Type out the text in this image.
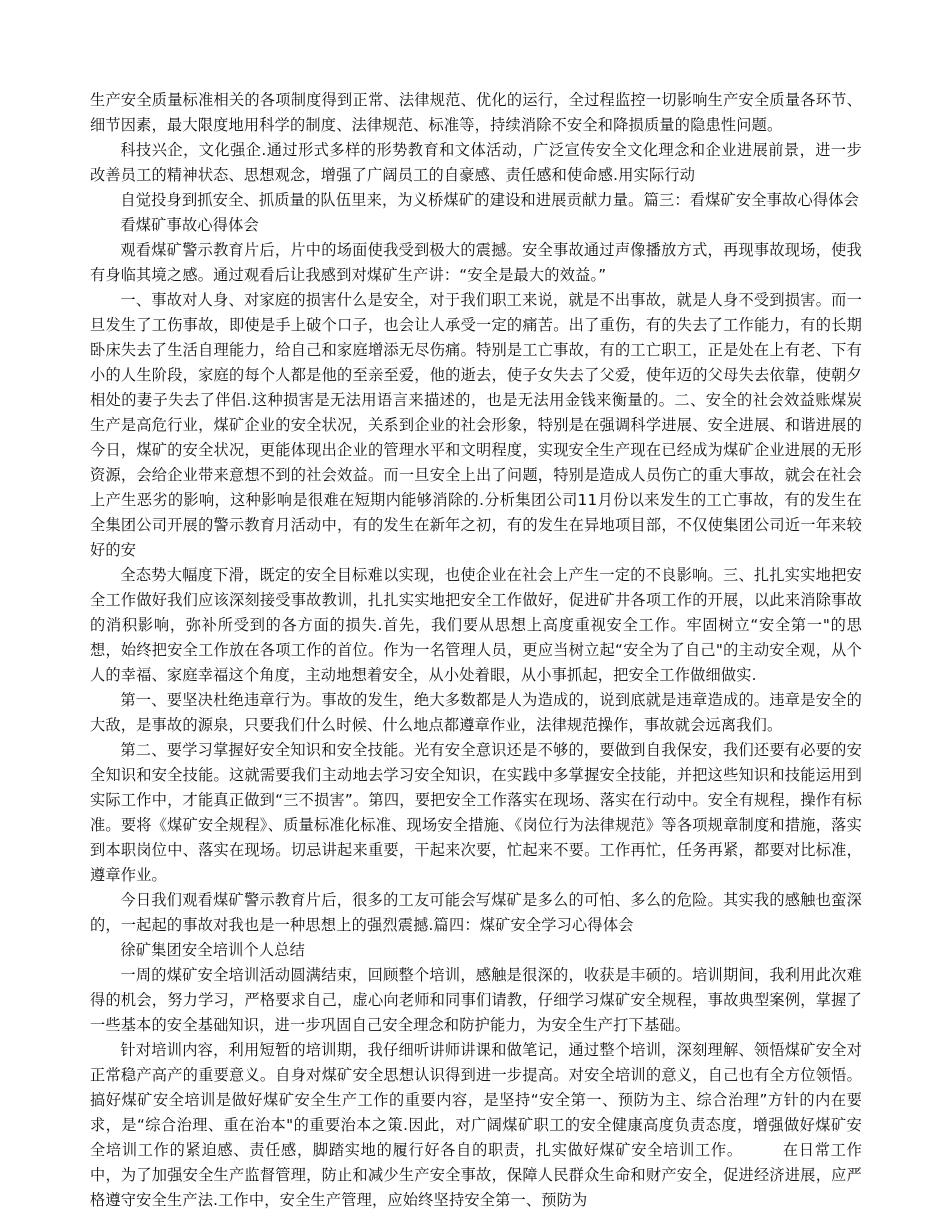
生产安全质量标准相关的各项制度得到正常、法律规范、优化的运行，全过程监控一切影响生产安全质量各环节、细节因素，最大限度地用科学的制度、法律规范、标准等，持续消除不安全和降损质量的隐患性问题。

科技兴企，文化强企.通过形式多样的形势教育和文体活动，广泛宣传安全文化理念和企业进展前景，进一步改善员工的精神状态、思想观念，增强了广阔员工的自豪感、责任感和使命感.用实际行动

自觉投身到抓安全、抓质量的队伍里来，为义桥煤矿的建设和进展贡献力量。篇三：看煤矿安全事故心得体会

看煤矿事故心得体会

观看煤矿警示教育片后，片中的场面使我受到极大的震撼。安全事故通过声像播放方式，再现事故现场，使我有身临其境之感。通过观看后让我感到对煤矿生产讲：“安全是最大的效益。”

一、事故对人身、对家庭的损害什么是安全，对于我们职工来说，就是不出事故，就是人身不受到损害。而一旦发生了工伤事故，即使是手上破个口子，也会让人承受一定的痛苦。出了重伤，有的失去了工作能力，有的长期卧床失去了生活自理能力，给自己和家庭增添无尽伤痛。特别是工亡事故，有的工亡职工，正是处在上有老、下有小的人生阶段，家庭的每个人都是他的至亲至爱，他的逝去，使子女失去了父爱，使年迈的父母失去依靠，使朝夕相处的妻子失去了伴侣.这种损害是无法用语言来描述的，也是无法用金钱来衡量的。二、安全的社会效益账煤炭生产是高危行业，煤矿企业的安全状况，关系到企业的社会形象，特别是在强调科学进展、安全进展、和谐进展的今日，煤矿的安全状况，更能体现出企业的管理水平和文明程度，实现安全生产现在已经成为煤矿企业进展的无形资源，会给企业带来意想不到的社会效益。而一旦安全上出了问题，特别是造成人员伤亡的重大事故，就会在社会上产生恶劣的影响，这种影响是很难在短期内能够消除的.分析集团公司11月份以来发生的工亡事故，有的发生在全集团公司开展的警示教育月活动中，有的发生在新年之初，有的发生在异地项目部，不仅使集团公司近一年来较好的安

全态势大幅度下滑，既定的安全目标难以实现，也使企业在社会上产生一定的不良影响。三、扎扎实实地把安全工作做好我们应该深刻接受事故教训，扎扎实实地把安全工作做好，促进矿井各项工作的开展，以此来消除事故的消积影响，弥补所受到的各方面的损失.首先，我们要从思想上高度重视安全工作。牢固树立“安全第一"的思想，始终把安全工作放在各项工作的首位。作为一名管理人员，更应当树立起“安全为了自己"的主动安全观，从个人的幸福、家庭幸福这个角度，主动地想着安全，从小处着眼，从小事抓起，把安全工作做细做实.

第一、要坚决杜绝违章行为。事故的发生，绝大多数都是人为造成的，说到底就是违章造成的。违章是安全的大敌，是事故的源泉，只要我们什么时候、什么地点都遵章作业，法律规范操作，事故就会远离我们。

第二、要学习掌握好安全知识和安全技能。光有安全意识还是不够的，要做到自我保安，我们还要有必要的安全知识和安全技能。这就需要我们主动地去学习安全知识，在实践中多掌握安全技能，并把这些知识和技能运用到实际工作中，才能真正做到“三不损害”。第四，要把安全工作落实在现场、落实在行动中。安全有规程，操作有标准。要将《煤矿安全规程》、质量标准化标准、现场安全措施、《岗位行为法律规范》等各项规章制度和措施，落实到本职岗位中、落实在现场。切忌讲起来重要，干起来次要，忙起来不要。工作再忙，任务再紧，都要对比标准，遵章作业。

今日我们观看煤矿警示教育片后，很多的工友可能会写煤矿是多么的可怕、多么的危险。其实我的感触也蛮深的，一起起的事故对我也是一种思想上的强烈震撼.篇四：煤矿安全学习心得体会

徐矿集团安全培训个人总结

一周的煤矿安全培训活动圆满结束，回顾整个培训，感触是很深的，收获是丰硕的。培训期间，我利用此次难得的机会，努力学习，严格要求自己，虚心向老师和同事们请教，仔细学习煤矿安全规程，事故典型案例，掌握了一些基本的安全基础知识，进一步巩固自己安全理念和防护能力，为安全生产打下基础。

针对培训内容，利用短暂的培训期，我仔细听讲师讲课和做笔记，通过整个培训，深刻理解、领悟煤矿安全对正常稳产高产的重要意义。自身对煤矿安全思想认识得到进一步提高。对安全培训的意义，自己也有全方位领悟。搞好煤矿安全培训是做好煤矿安全生产工作的重要内容，是坚持“安全第一、预防为主、综合治理”方针的内在要求，是“综合治理、重在治本"的重要治本之策.因此，对广阔煤矿职工的安全健康高度负责态度，增强做好煤矿安全培训工作的紧迫感、责任感，脚踏实地的履行好各自的职责，扎实做好煤矿安全培训工作。　　　在日常工作中，为了加强安全生产监督管理，防止和减少生产安全事故，保障人民群众生命和财产安全，促进经济进展，应严格遵守安全生产法.工作中，安全生产管理，应始终坚持安全第一、预防为
